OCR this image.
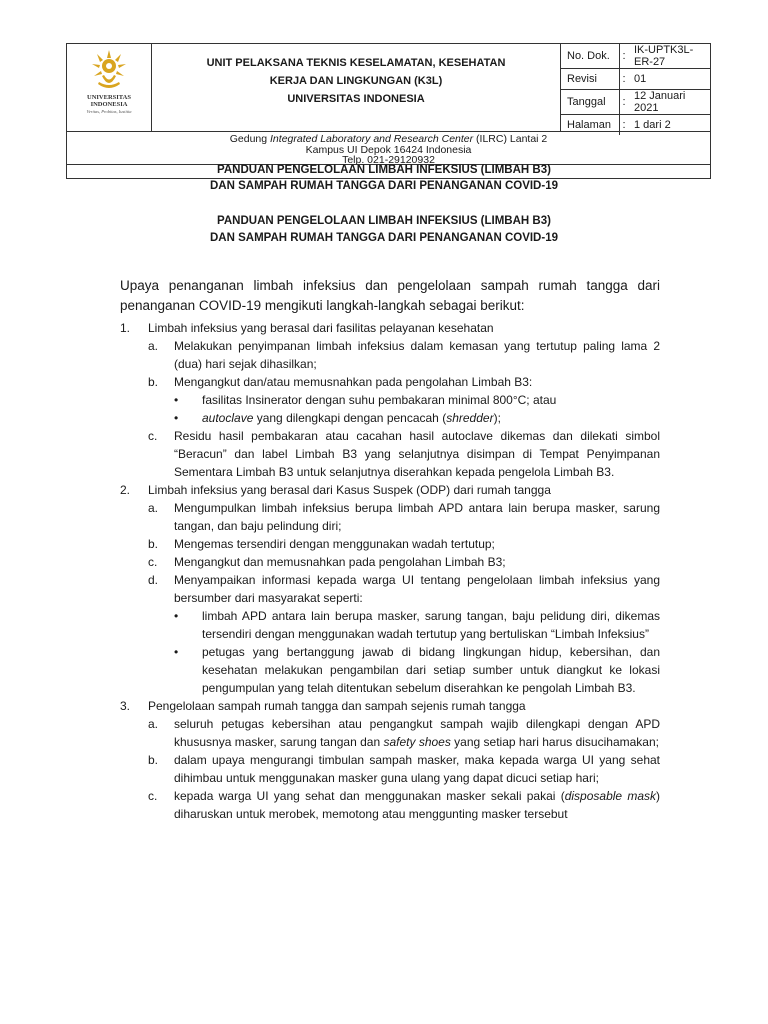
UNIVERSITAS INDONESIA
Veritas, Probitas, Iustitia
UNIT PELAKSANA TEKNIS KESELAMATAN, KESEHATAN
KERJA DAN LINGKUNGAN (K3L)
UNIVERSITAS INDONESIA
No. Dok.	:	IK-UPTK3L-ER-27
Revisi	:	01
Tanggal	:	12 Januari 2021
Halaman	:	1 dari 2
Gedung Integrated Laboratory and Research Center (ILRC) Lantai 2
Kampus UI Depok 16424 Indonesia
Telp. 021-29120932
PANDUAN PENGELOLAAN LIMBAH INFEKSIUS (LIMBAH B3)
DAN SAMPAH RUMAH TANGGA DARI PENANGANAN COVID-19
PANDUAN PENGELOLAAN LIMBAH INFEKSIUS (LIMBAH B3)
DAN SAMPAH RUMAH TANGGA DARI PENANGANAN COVID-19

Upaya penanganan limbah infeksius dan pengelolaan sampah rumah tangga dari penanganan COVID-19 mengikuti langkah-langkah sebagai berikut:

1.	Limbah infeksius yang berasal dari fasilitas pelayanan kesehatan
a.	Melakukan penyimpanan limbah infeksius dalam kemasan yang tertutup paling lama 2 (dua) hari sejak dihasilkan;
b.	Mengangkut dan/atau memusnahkan pada pengolahan Limbah B3:
•	fasilitas Insinerator dengan suhu pembakaran minimal 800°C; atau
•	autoclave yang dilengkapi dengan pencacah (shredder);
c.	Residu hasil pembakaran atau cacahan hasil autoclave dikemas dan dilekati simbol “Beracun” dan label Limbah B3 yang selanjutnya disimpan di Tempat Penyimpanan Sementara Limbah B3 untuk selanjutnya diserahkan kepada pengelola Limbah B3.
2.	Limbah infeksius yang berasal dari Kasus Suspek (ODP) dari rumah tangga
a.	Mengumpulkan limbah infeksius berupa limbah APD antara lain berupa masker, sarung tangan, dan baju pelindung diri;
b.	Mengemas tersendiri dengan menggunakan wadah tertutup;
c.	Mengangkut dan memusnahkan pada pengolahan Limbah B3;
d.	Menyampaikan informasi kepada warga UI tentang pengelolaan limbah infeksius yang bersumber dari masyarakat seperti:
•	limbah APD antara lain berupa masker, sarung tangan, baju pelidung diri, dikemas tersendiri dengan menggunakan wadah tertutup yang bertuliskan “Limbah Infeksius”
•	petugas yang bertanggung jawab di bidang lingkungan hidup, kebersihan, dan kesehatan melakukan pengambilan dari setiap sumber untuk diangkut ke lokasi pengumpulan yang telah ditentukan sebelum diserahkan ke pengolah Limbah B3.
3.	Pengelolaan sampah rumah tangga dan sampah sejenis rumah tangga
a.	seluruh petugas kebersihan atau pengangkut sampah wajib dilengkapi dengan APD khususnya masker, sarung tangan dan safety shoes yang setiap hari harus disucihamakan;
b.	dalam upaya mengurangi timbulan sampah masker, maka kepada warga UI yang sehat dihimbau untuk menggunakan masker guna ulang yang dapat dicuci setiap hari;
c.	kepada warga UI yang sehat dan menggunakan masker sekali pakai (disposable mask) diharuskan untuk merobek, memotong atau menggunting masker tersebut
